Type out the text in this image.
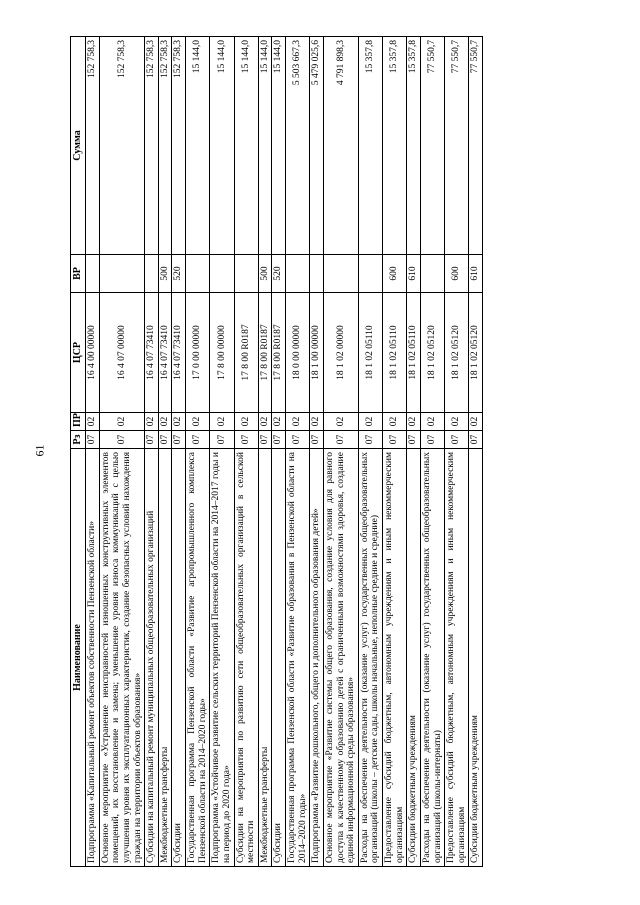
61
Наименование	Рз	ПР	ЦСР	ВР	Сумма
Подпрограмма «Капитальный ремонт объектов собственности Пензенской области»	07	02	16 4 00 00000		152 758,3
Основное мероприятие «Устранение неисправностей изношенных конструктивных элементов помещений, их восстановление и замена; уменьшение уровня износа коммуникаций с целью улучшения уровня их эксплуатационных характеристик, создание безопасных условий нахождения граждан на территории объектов образования»	07	02	16 4 07 00000		152 758,3
Субсидии на капитальный ремонт муниципальных общеобразовательных организаций	07	02	16 4 07 73410		152 758,3
Межбюджетные трансферты	07	02	16 4 07 73410	500	152 758,3
Субсидии	07	02	16 4 07 73410	520	152 758,3
Государственная программа Пензенской области «Развитие агропромышленного комплекса Пензенской области на 2014–2020 годы»	07	02	17 0 00 00000		15 144,0
Подпрограмма «Устойчивое развитие сельских территорий Пензенской области на 2014–2017 годы и на период до 2020 года»	07	02	17 8 00 00000		15 144,0
Субсидии на мероприятия по развитию сети общеобразовательных организаций в сельской местности	07	02	17 8 00 R0187		15 144,0
Межбюджетные трансферты	07	02	17 8 00 R0187	500	15 144,0
Субсидии	07	02	17 8 00 R0187	520	15 144,0
Государственная программа Пензенской области «Развитие образования в Пензенской области на 2014–2020 годы»	07	02	18 0 00 00000		5 503 667,3
Подпрограмма «Развитие дошкольного, общего и дополнительного образования детей»	07	02	18 1 00 00000		5 479 025,6
Основное мероприятие «Развитие системы общего образования, создание условия для равного доступа к качественному образованию детей с ограниченными возможностями здоровья, создание единой информационной среды образования»	07	02	18 1 02 00000		4 791 898,3
Расходы на обеспечение деятельности (оказание услуг) государственных общеобразовательных организаций (школы – детские сады, школы начальные, неполные средние и средние)	07	02	18 1 02 05110		15 357,8
Предоставление субсидий бюджетным, автономным учреждениям и иным некоммерческим организациям	07	02	18 1 02 05110	600	15 357,8
Субсидии бюджетным учреждениям	07	02	18 1 02 05110	610	15 357,8
Расходы на обеспечение деятельности (оказание услуг) государственных общеобразовательных организаций (школы-интернаты)	07	02	18 1 02 05120		77 550,7
Предоставление субсидий бюджетным, автономным учреждениям и иным некоммерческим организациям	07	02	18 1 02 05120	600	77 550,7
Субсидии бюджетным учреждениям	07	02	18 1 02 05120	610	77 550,7
